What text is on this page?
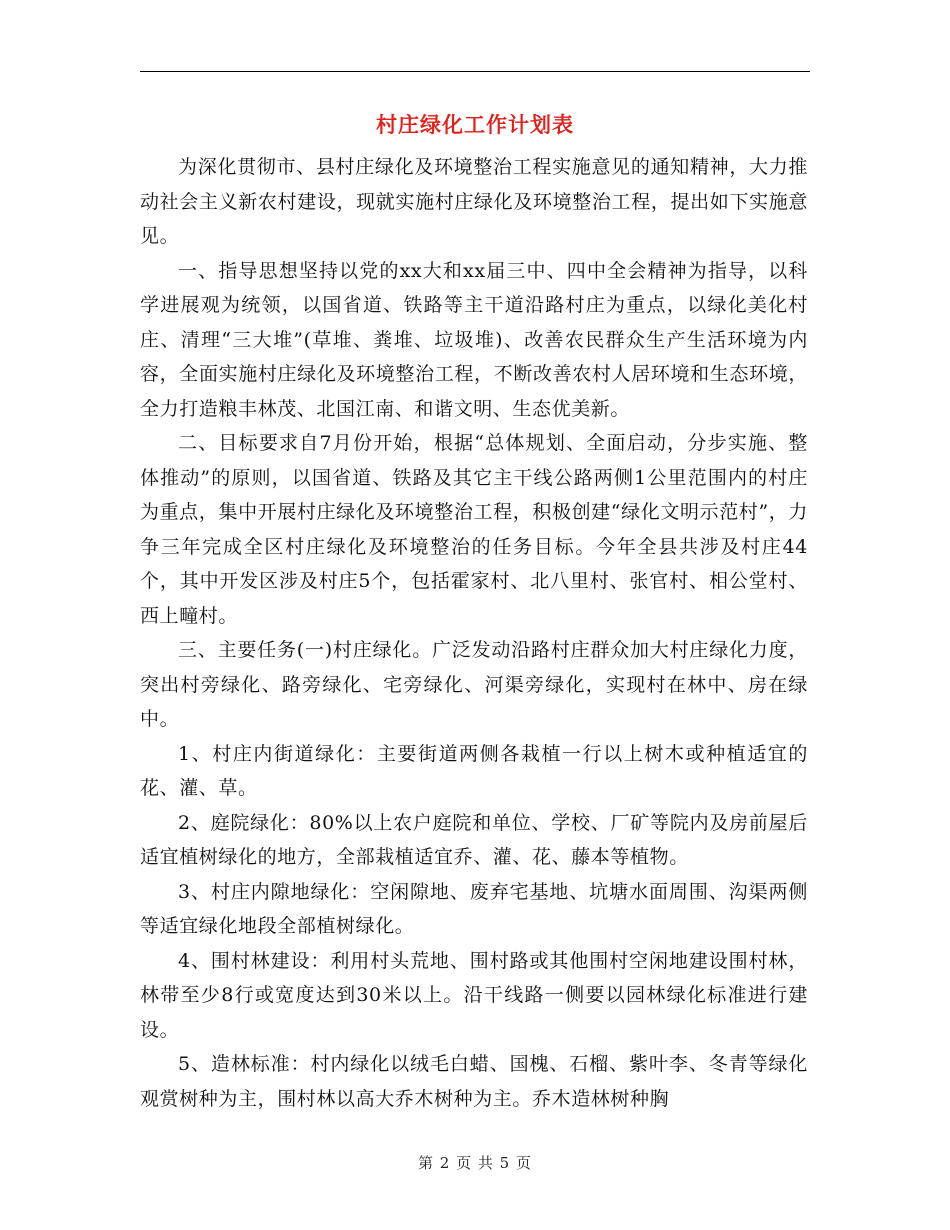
村庄绿化工作计划表

为深化贯彻市、县村庄绿化及环境整治工程实施意见的通知精神，大力推动社会主义新农村建设，现就实施村庄绿化及环境整治工程，提出如下实施意见。

一、指导思想坚持以党的xx大和xx届三中、四中全会精神为指导，以科学进展观为统领，以国省道、铁路等主干道沿路村庄为重点，以绿化美化村庄、清理“三大堆”(草堆、粪堆、垃圾堆)、改善农民群众生产生活环境为内容，全面实施村庄绿化及环境整治工程，不断改善农村人居环境和生态环境，全力打造粮丰林茂、北国江南、和谐文明、生态优美新。

二、目标要求自7月份开始，根据“总体规划、全面启动，分步实施、整体推动”的原则，以国省道、铁路及其它主干线公路两侧1公里范围内的村庄为重点，集中开展村庄绿化及环境整治工程，积极创建“绿化文明示范村”，力争三年完成全区村庄绿化及环境整治的任务目标。今年全县共涉及村庄44个，其中开发区涉及村庄5个，包括霍家村、北八里村、张官村、相公堂村、西上疃村。

三、主要任务(一)村庄绿化。广泛发动沿路村庄群众加大村庄绿化力度，突出村旁绿化、路旁绿化、宅旁绿化、河渠旁绿化，实现村在林中、房在绿中。

1、村庄内街道绿化：主要街道两侧各栽植一行以上树木或种植适宜的花、灌、草。

2、庭院绿化：80%以上农户庭院和单位、学校、厂矿等院内及房前屋后适宜植树绿化的地方，全部栽植适宜乔、灌、花、藤本等植物。

3、村庄内隙地绿化：空闲隙地、废弃宅基地、坑塘水面周围、沟渠两侧等适宜绿化地段全部植树绿化。

4、围村林建设：利用村头荒地、围村路或其他围村空闲地建设围村林，林带至少8行或宽度达到30米以上。沿干线路一侧要以园林绿化标准进行建设。

5、造林标准：村内绿化以绒毛白蜡、国槐、石榴、紫叶李、冬青等绿化观赏树种为主，围村林以高大乔木树种为主。乔木造林树种胸

第 2 页 共 5 页
